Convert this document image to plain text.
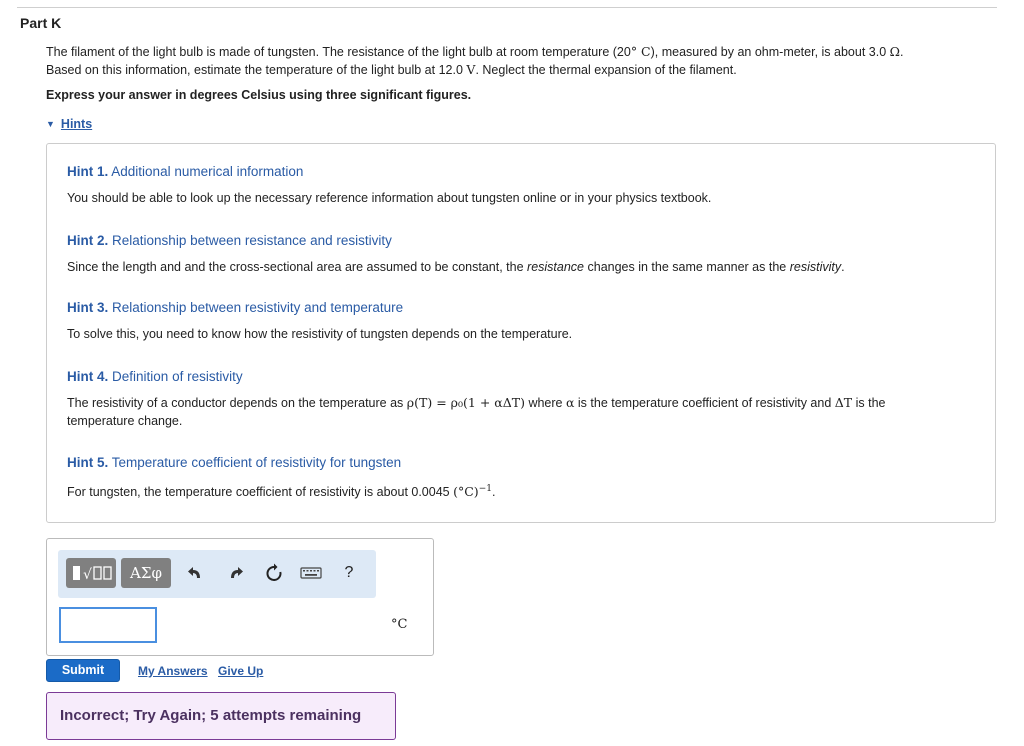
Part K
The filament of the light bulb is made of tungsten. The resistance of the light bulb at room temperature (20° C), measured by an ohm-meter, is about 3.0 Ω.
Based on this information, estimate the temperature of the light bulb at 12.0 V. Neglect the thermal expansion of the filament.
Express your answer in degrees Celsius using three significant figures.
▼ Hints
Hint 1. Additional numerical information
You should be able to look up the necessary reference information about tungsten online or in your physics textbook.
Hint 2. Relationship between resistance and resistivity
Since the length and and the cross-sectional area are assumed to be constant, the resistance changes in the same manner as the resistivity.
Hint 3. Relationship between resistivity and temperature
To solve this, you need to know how the resistivity of tungsten depends on the temperature.
Hint 4. Definition of resistivity
The resistivity of a conductor depends on the temperature as ρ(T) = ρ₀(1 + αΔT) where α is the temperature coefficient of resistivity and ΔT is the
temperature change.
Hint 5. Temperature coefficient of resistivity for tungsten
For tungsten, the temperature coefficient of resistivity is about 0.0045 $(^\circ C)^{-1}$.
√	ΑΣφ	?
°C
Submit	My Answers Give Up
Incorrect; Try Again; 5 attempts remaining
